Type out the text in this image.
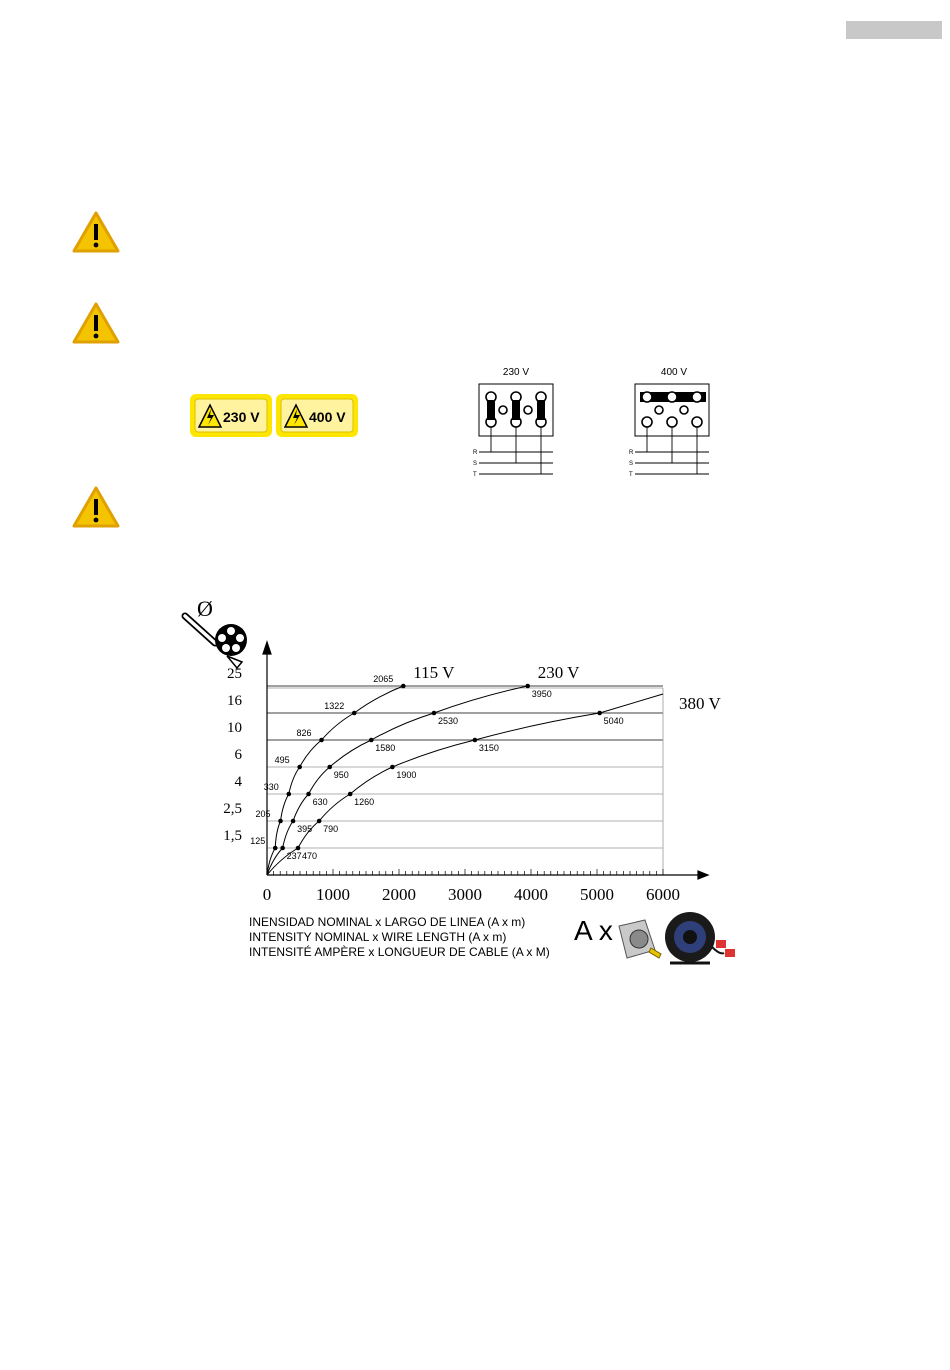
230 V	400 V
230 V
R
S
T
400 V
R
S
T
Ø
1,5
2,5
4
6
10
16
25
0	1000 2000 3000 4000 5000 6000
125
205
330
495
826
1322
2065
237
395
630
950
1580
2530
3950
470
790
1260
1900
3150
5040
115 V	230 V
380 V
INENSIDAD NOMINAL x LARGO DE LINEA (A x m)
INTENSITY NOMINAL x WIRE LENGTH (A x m)
INTENSITÉ AMPÈRE x LONGUEUR DE CABLE (A x M)
A x
